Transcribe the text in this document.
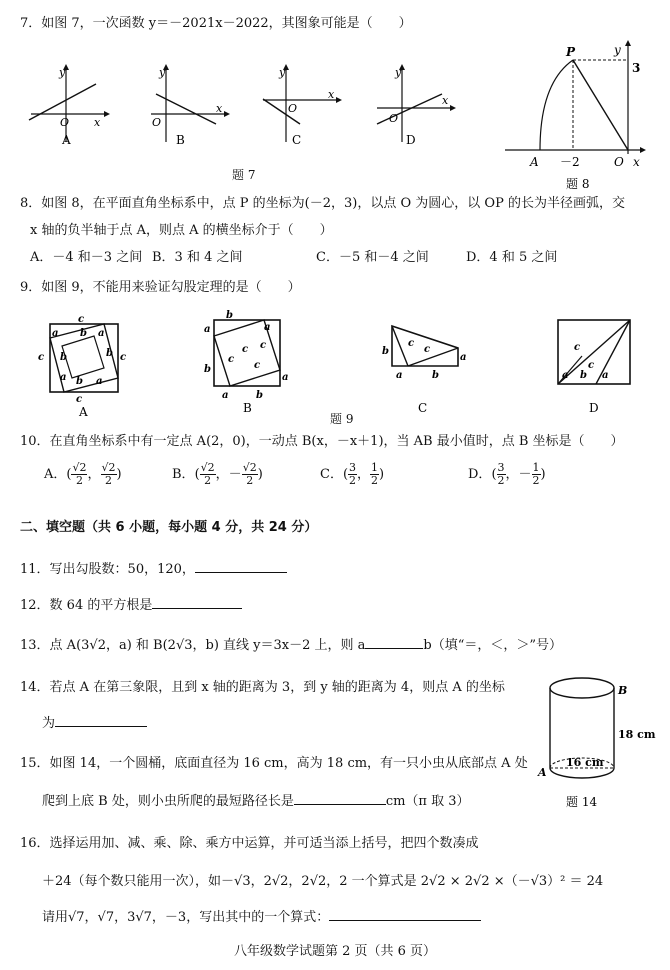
7．如图 7，一次函数 y＝－2021x－2022，其图象可能是（　　）
y
O x
A
y
O
x
B
y
O
x
C
y
O
x
D
题 7
P	y
3
A －2	O x
题 8
8．如图 8，在平面直角坐标系中，点 P 的坐标为(－2，3)，以点 O 为圆心，以 OP 的长为半径画弧，交
x 轴的负半轴于点 A，则点 A 的横坐标介于（　　）
A．－4 和－3 之间 B．3 和 4 之间	C．－5 和－4 之间	D．4 和 5 之间
9．如图 9，不能用来验证勾股定理的是（　　）
c
a
c	c
b a
b	b
a b a
c
A
b
a
a
b
a
a	b
c
c
c
c
B
b
c
c
a
a	b
C
c
c
a b a
D
题 9
10．在直角坐标系中有一定点 A(2，0)，一动点 B(x，－x＋1)，当 AB 最小值时，点 B 坐标是（　　）
A．( $\frac{√2}{2}$ ， $\frac{√2}{2}$ )	B．( $\frac{√2}{2}$ ，－ $\frac{√2}{2}$ )	C．( $\frac{3}{2}$ ， $\frac{1}{2}$ )	D．( $\frac{3}{2}$ ，－ $\frac{1}{2}$ )
二、填空题（共 6 小题，每小题 4 分，共 24 分）
11．写出勾股数：50，120，
12．数 64 的平方根是
13．点 A(3√2，a) 和 B(2√3，b) 直线 y＝3x－2 上，则 a	b（填“＝，＜，＞”号）
14．若点 A 在第三象限，且到 x 轴的距离为 3，到 y 轴的距离为 4，则点 A 的坐标
为
B
A
18 cm
16 cm
题 14
15．如图 14，一个圆桶，底面直径为 16 cm，高为 18 cm，有一只小虫从底部点 A 处
爬到上底 B 处，则小虫所爬的最短路径长是	cm（π 取 3）
16．选择运用加、减、乘、除、乘方中运算，并可适当添上括号，把四个数凑成
＋24（每个数只能用一次），如－√3，2√2，2√2，2 一个算式是 2√2 × 2√2 ×（－√3）² ＝ 24
请用√7，√7，3√7，－3，写出其中的一个算式：
八年级数学试题第 2 页（共 6 页）
